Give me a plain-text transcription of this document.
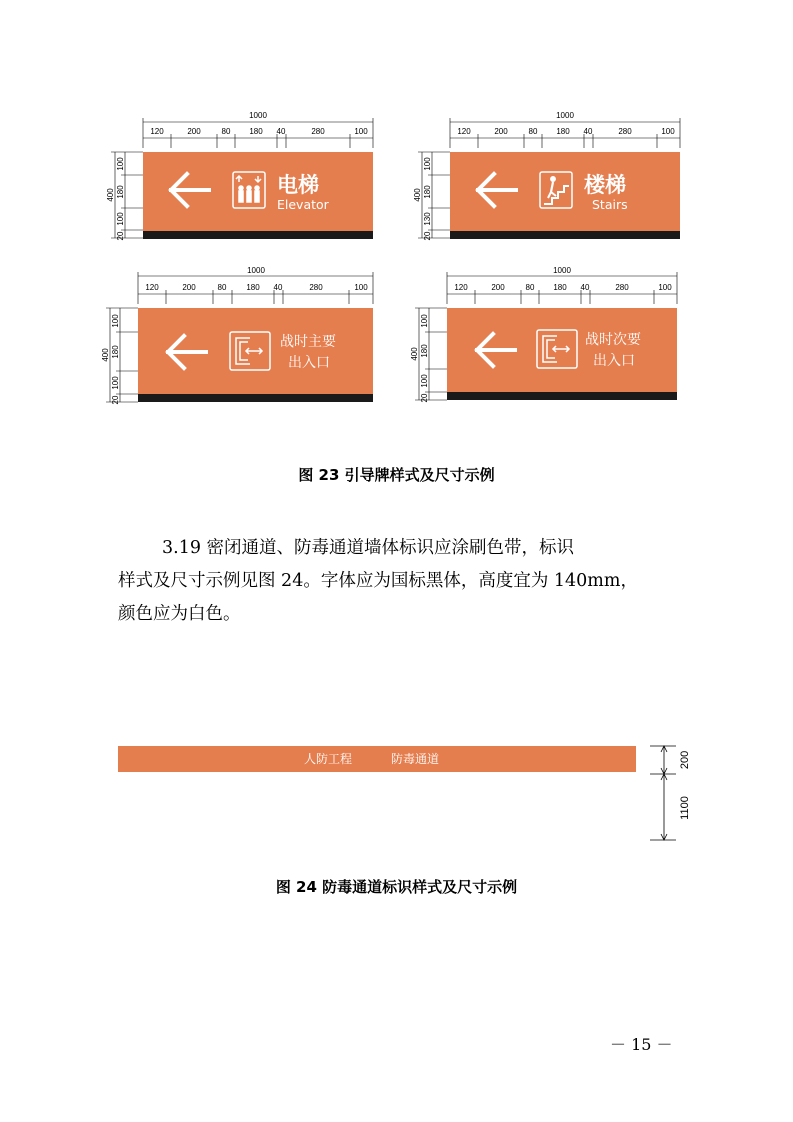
1000
120	200	80 180 40	280	100
400
100
180
100
20
电梯
Elevator
1000
120	200	80 180 40	280	100
400
100
180
130
20
楼梯
Stairs
1000
120	200	80 180 40	280	100
400
100
180
100
20
战时主要
出入口
1000
120	200	80 180 40	280	100
400
100
180
100
20
战时次要
出入口
图 23 引导牌样式及尺寸示例
3.19 密闭通道、防毒通道墙体标识应涂刷色带，标识
样式及尺寸示例见图 24。字体应为国标黑体，高度宜为 140mm，
颜色应为白色。
人防工程	防毒通道	200
1100
图 24 防毒通道标识样式及尺寸示例
－ 15 －
